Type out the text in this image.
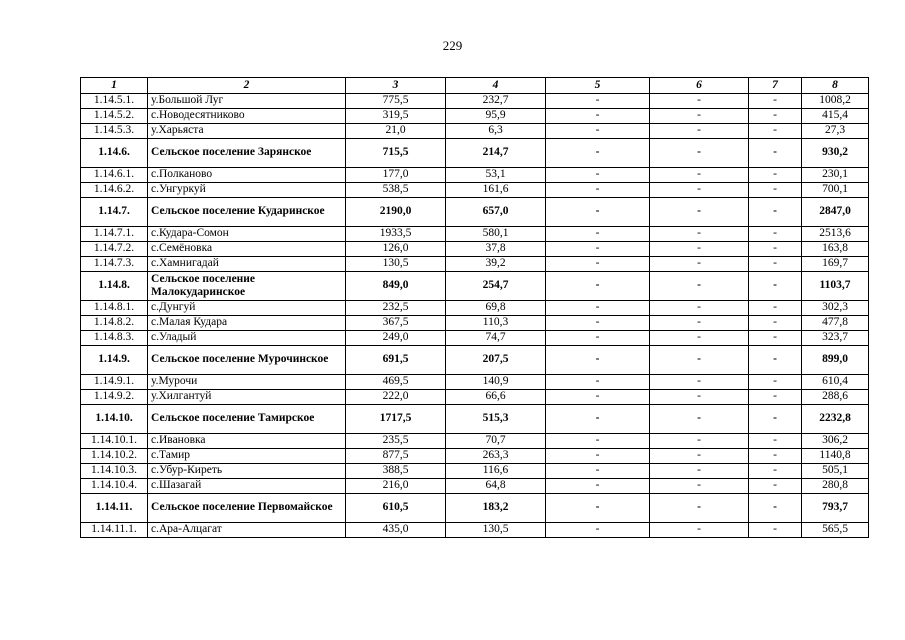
229
1	2	3	4	5	6	7	8
1.14.5.1.	у.Большой Луг	775,5	232,7	-	-	-	1008,2
1.14.5.2.	с.Новодесятниково	319,5	95,9	-	-	-	415,4
1.14.5.3.	у.Харьяста	21,0	6,3	-	-	-	27,3
1.14.6.	Сельское поселение Зарянское	715,5	214,7	-	-	-	930,2
1.14.6.1.	с.Полканово	177,0	53,1	-	-	-	230,1
1.14.6.2.	с.Унгуркуй	538,5	161,6	-	-	-	700,1
1.14.7.	Сельское поселение Кударинское	2190,0	657,0	-	-	-	2847,0
1.14.7.1.	с.Кудара-Сомон	1933,5	580,1	-	-	-	2513,6
1.14.7.2.	с.Семёновка	126,0	37,8	-	-	-	163,8
1.14.7.3.	с.Хамнигадай	130,5	39,2	-	-	-	169,7
1.14.8.	Сельское поселение Малокударинское	849,0	254,7	-	-	-	1103,7
1.14.8.1.	с.Дунгуй	232,5	69,8	-	-	-	302,3
1.14.8.2.	с.Малая Кудара	367,5	110,3	-	-	-	477,8
1.14.8.3.	с.Уладый	249,0	74,7	-	-	-	323,7
1.14.9.	Сельское поселение Мурочинское	691,5	207,5	-	-	-	899,0
1.14.9.1.	у.Мурочи	469,5	140,9	-	-	-	610,4
1.14.9.2.	у.Хилгантуй	222,0	66,6	-	-	-	288,6
1.14.10.	Сельское поселение Тамирское	1717,5	515,3	-	-	-	2232,8
1.14.10.1.	с.Ивановка	235,5	70,7	-	-	-	306,2
1.14.10.2.	с.Тамир	877,5	263,3	-	-	-	1140,8
1.14.10.3.	с.Убур-Киреть	388,5	116,6	-	-	-	505,1
1.14.10.4.	с.Шазагай	216,0	64,8	-	-	-	280,8
1.14.11.	Сельское поселение Первомайское	610,5	183,2	-	-	-	793,7
1.14.11.1.	с.Ара-Алцагат	435,0	130,5	-	-	-	565,5
